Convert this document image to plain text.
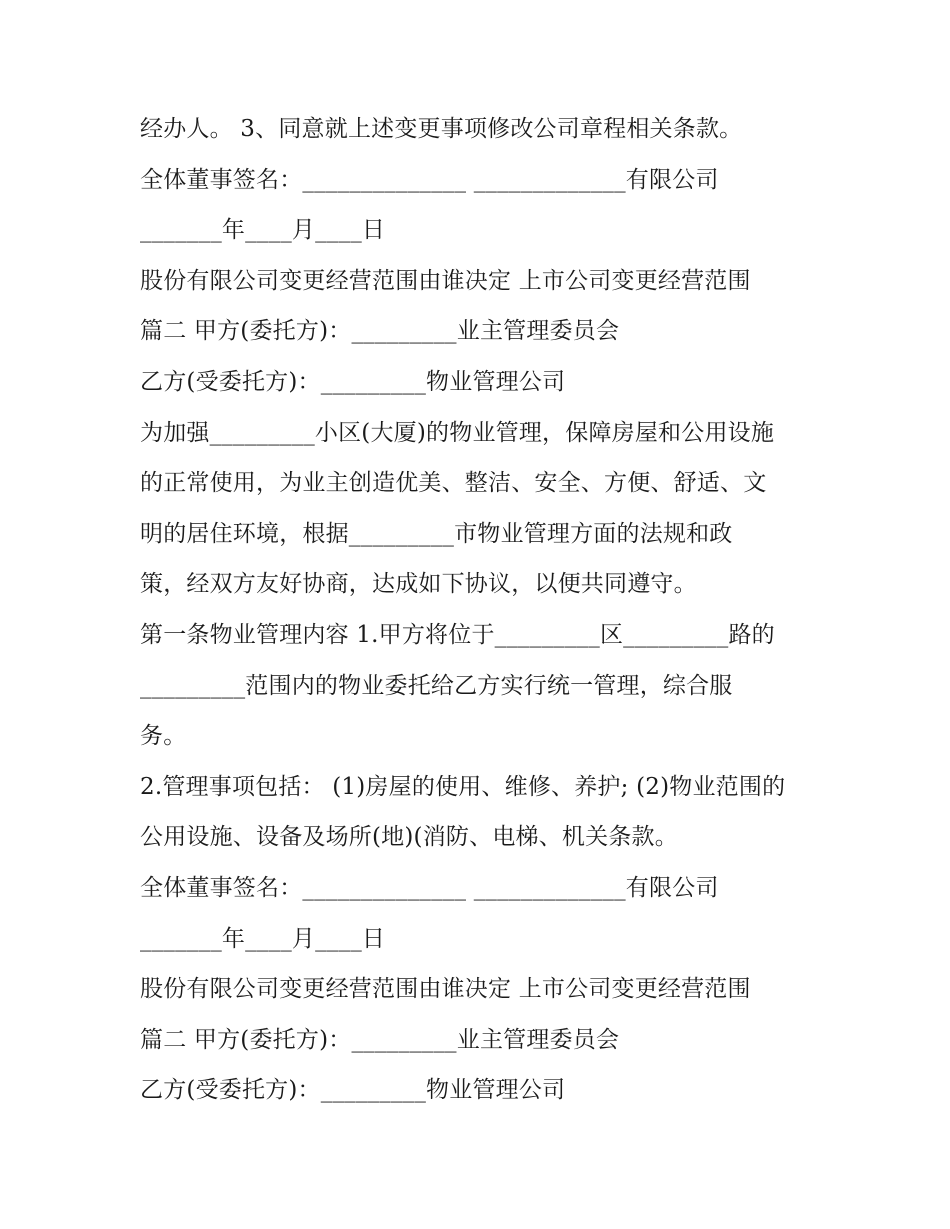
经办人。 3、同意就上述变更事项修改公司章程相关条款。
全体董事签名：______________ _____________有限公司
_______年____月____日
股份有限公司变更经营范围由谁决定 上市公司变更经营范围
篇二 甲方(委托方)：_________业主管理委员会
乙方(受委托方)：_________物业管理公司
为加强_________小区(大厦)的物业管理，保障房屋和公用设施
的正常使用，为业主创造优美、整洁、安全、方便、舒适、文
明的居住环境，根据_________市物业管理方面的法规和政
策，经双方友好协商，达成如下协议，以便共同遵守。
第一条物业管理内容 1.甲方将位于_________区_________路的
_________范围内的物业委托给乙方实行统一管理，综合服
务。
2.管理事项包括： (1)房屋的使用、维修、养护; (2)物业范围的
公用设施、设备及场所(地)(消防、电梯、机关条款。
全体董事签名：______________ _____________有限公司
_______年____月____日
股份有限公司变更经营范围由谁决定 上市公司变更经营范围
篇二 甲方(委托方)：_________业主管理委员会
乙方(受委托方)：_________物业管理公司
